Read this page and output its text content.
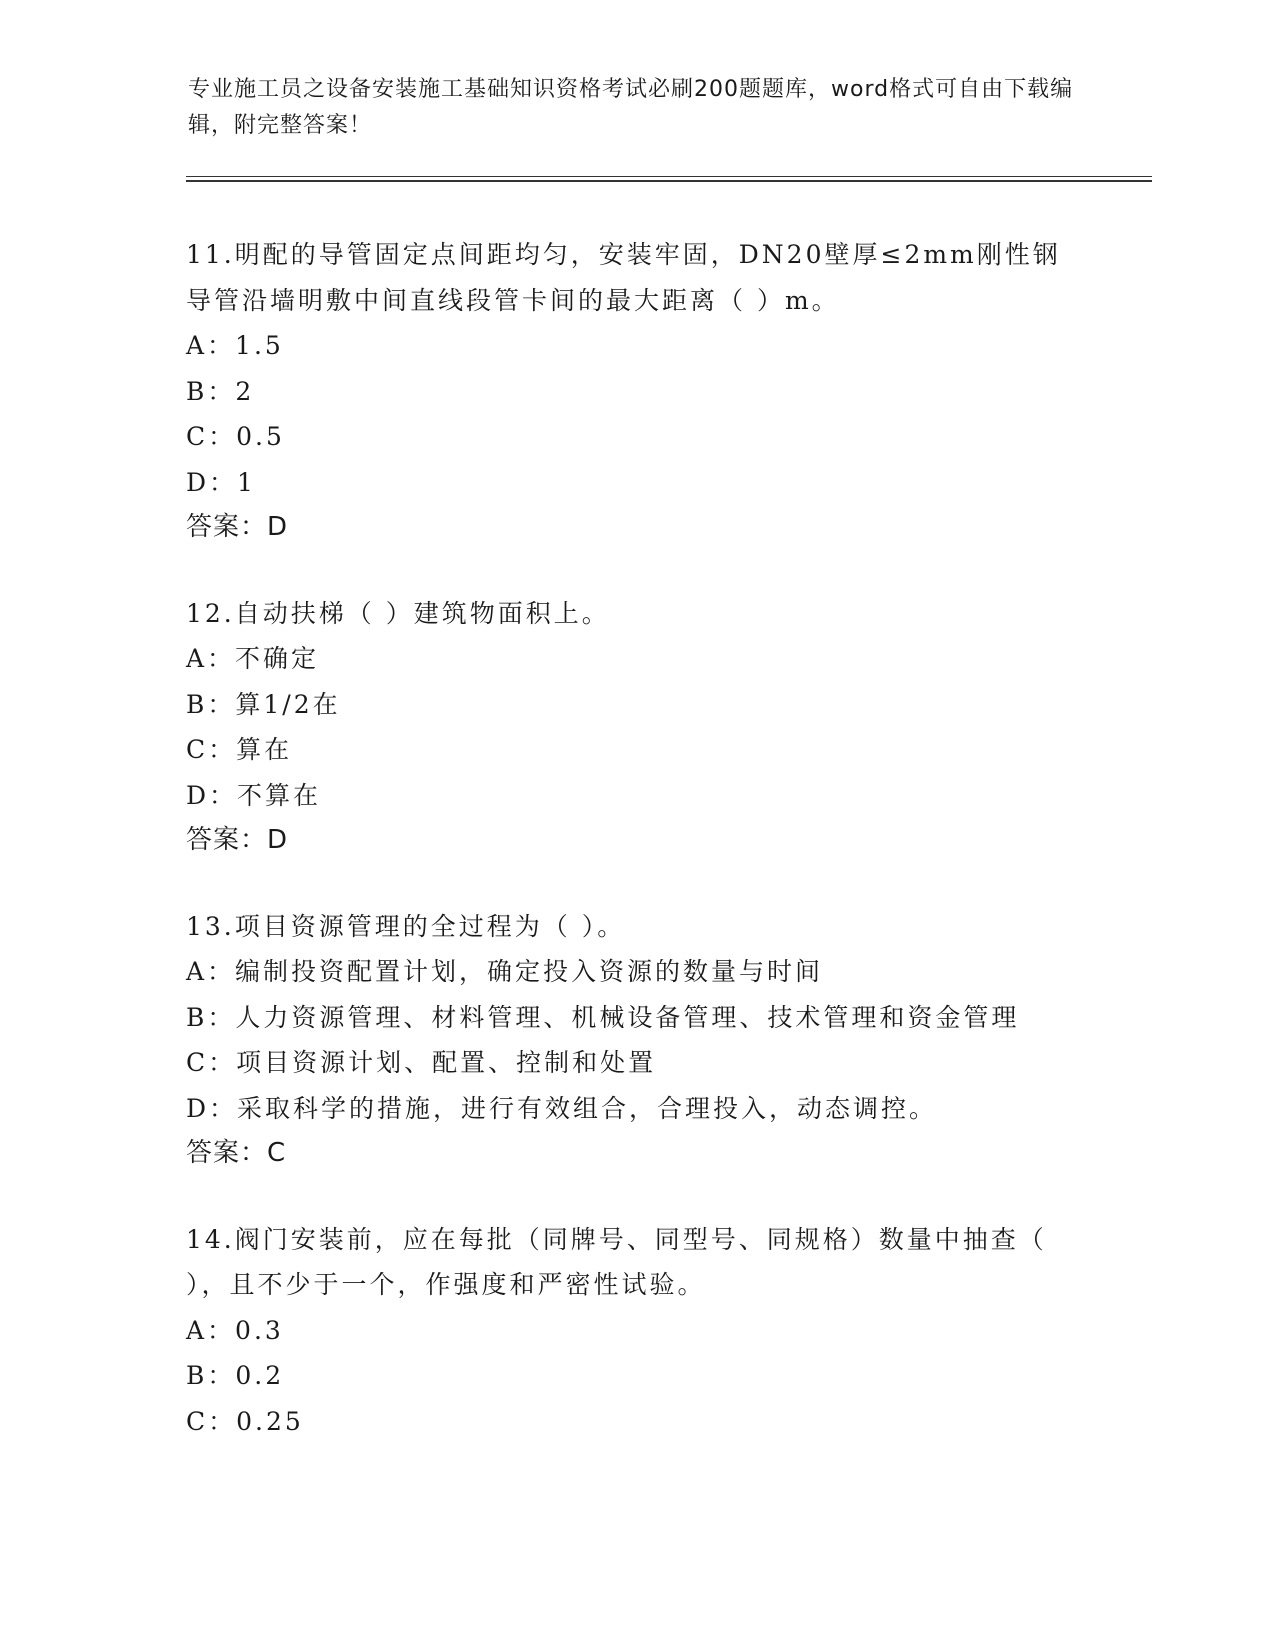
专业施工员之设备安装施工基础知识资格考试必刷200题题库，word格式可自由下载编辑，附完整答案！

11.明配的导管固定点间距均匀，安装牢固，DN20壁厚≤2mm刚性钢导管沿墙明敷中间直线段管卡间的最大距离（ ）m。

A：1.5

B：2

C：0.5

D：1

答案：D

12.自动扶梯（ ）建筑物面积上。

A：不确定

B：算1/2在

C：算在

D：不算在

答案：D

13.项目资源管理的全过程为（ ）。

A：编制投资配置计划，确定投入资源的数量与时间

B：人力资源管理、材料管理、机械设备管理、技术管理和资金管理

C：项目资源计划、配置、控制和处置

D：采取科学的措施，进行有效组合，合理投入，动态调控。

答案：C

14.阀门安装前，应在每批（同牌号、同型号、同规格）数量中抽查（ ），且不少于一个，作强度和严密性试验。

A：0.3

B：0.2

C：0.25
